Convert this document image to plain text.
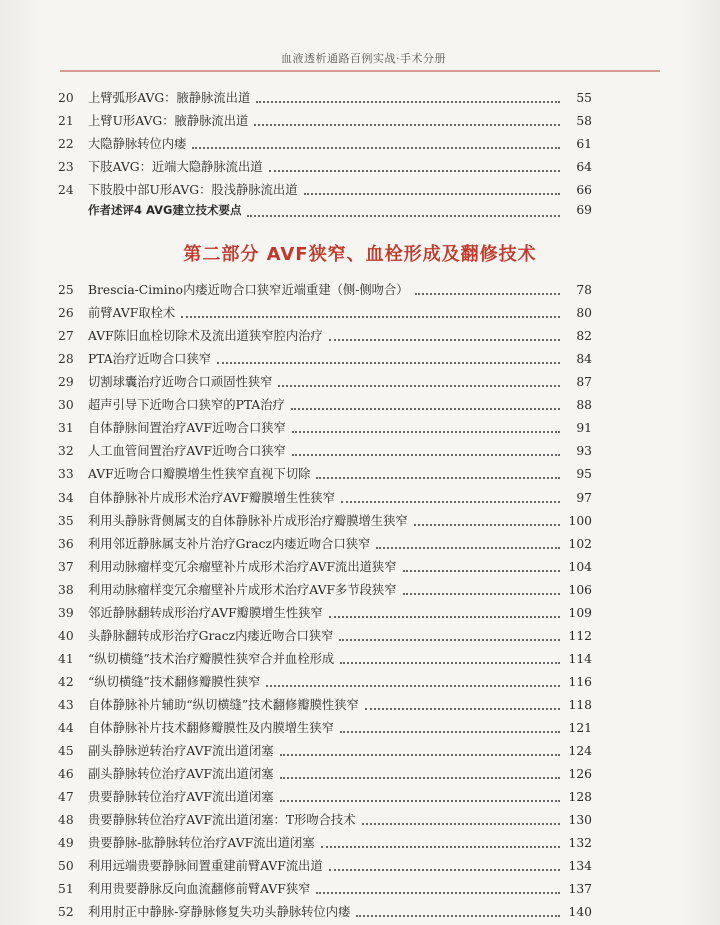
血液透析通路百例实战·手术分册
20	上臂弧形AVG：腋静脉流出道	55
21	上臂U形AVG：腋静脉流出道	58
22	大隐静脉转位内瘘	61
23	下肢AVG：近端大隐静脉流出道	64
24	下肢股中部U形AVG：股浅静脉流出道	66
作者述评4 AVG建立技术要点	69
第二部分 AVF狭窄、血栓形成及翻修技术
25	Brescia-Cimino内瘘近吻合口狭窄近端重建（侧-侧吻合）	78
26	前臂AVF取栓术	80
27	AVF陈旧血栓切除术及流出道狭窄腔内治疗	82
28	PTA治疗近吻合口狭窄	84
29	切割球囊治疗近吻合口顽固性狭窄	87
30	超声引导下近吻合口狭窄的PTA治疗	88
31	自体静脉间置治疗AVF近吻合口狭窄	91
32	人工血管间置治疗AVF近吻合口狭窄	93
33	AVF近吻合口瓣膜增生性狭窄直视下切除	95
34	自体静脉补片成形术治疗AVF瓣膜增生性狭窄	97
35	利用头静脉背侧属支的自体静脉补片成形治疗瓣膜增生狭窄	100
36	利用邻近静脉属支补片治疗Gracz内瘘近吻合口狭窄	102
37	利用动脉瘤样变冗余瘤壁补片成形术治疗AVF流出道狭窄	104
38	利用动脉瘤样变冗余瘤壁补片成形术治疗AVF多节段狭窄	106
39	邻近静脉翻转成形治疗AVF瓣膜增生性狭窄	109
40	头静脉翻转成形治疗Gracz内瘘近吻合口狭窄	112
41	“纵切横缝”技术治疗瓣膜性狭窄合并血栓形成	114
42	“纵切横缝”技术翻修瓣膜性狭窄	116
43	自体静脉补片辅助“纵切横缝”技术翻修瓣膜性狭窄	118
44	自体静脉补片技术翻修瓣膜性及内膜增生狭窄	121
45	副头静脉逆转治疗AVF流出道闭塞	124
46	副头静脉转位治疗AVF流出道闭塞	126
47	贵要静脉转位治疗AVF流出道闭塞	128
48	贵要静脉转位治疗AVF流出道闭塞：T形吻合技术	130
49	贵要静脉-肱静脉转位治疗AVF流出道闭塞	132
50	利用远端贵要静脉间置重建前臂AVF流出道	134
51	利用贵要静脉反向血流翻修前臂AVF狭窄	137
52	利用肘正中静脉-穿静脉修复失功头静脉转位内瘘	140
